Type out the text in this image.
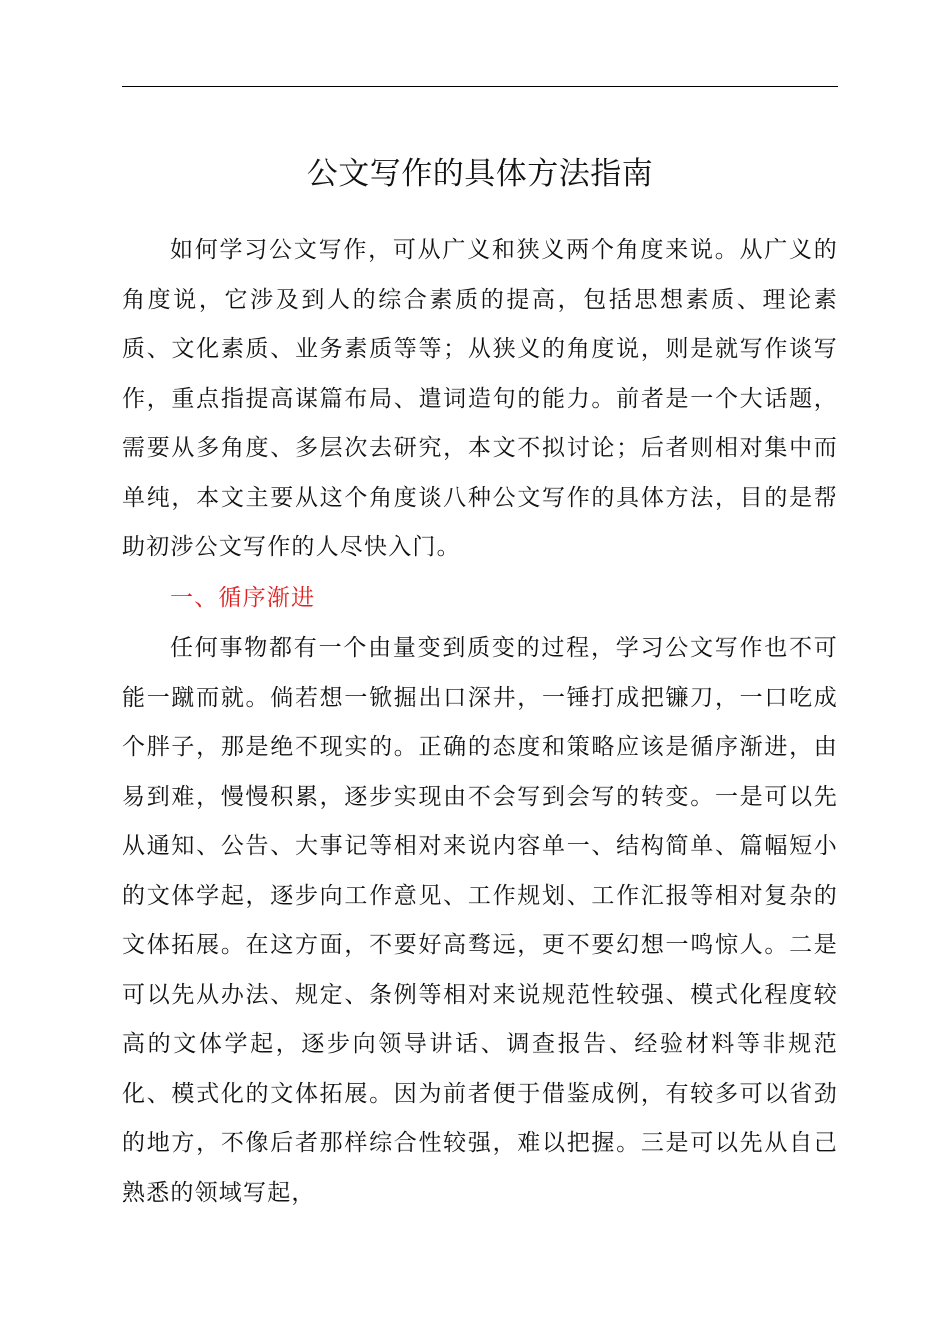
公文写作的具体方法指南

如何学习公文写作，可从广义和狭义两个角度来说。从广义的角度说，它涉及到人的综合素质的提高，包括思想素质、理论素质、文化素质、业务素质等等；从狭义的角度说，则是就写作谈写作，重点指提高谋篇布局、遣词造句的能力。前者是一个大话题，需要从多角度、多层次去研究，本文不拟讨论；后者则相对集中而单纯，本文主要从这个角度谈八种公文写作的具体方法，目的是帮助初涉公文写作的人尽快入门。

一、循序渐进

任何事物都有一个由量变到质变的过程，学习公文写作也不可能一蹴而就。倘若想一锨掘出口深井，一锤打成把镰刀，一口吃成个胖子，那是绝不现实的。正确的态度和策略应该是循序渐进，由易到难，慢慢积累，逐步实现由不会写到会写的转变。一是可以先从通知、公告、大事记等相对来说内容单一、结构简单、篇幅短小的文体学起，逐步向工作意见、工作规划、工作汇报等相对复杂的文体拓展。在这方面，不要好高骛远，更不要幻想一鸣惊人。二是可以先从办法、规定、条例等相对来说规范性较强、模式化程度较高的文体学起，逐步向领导讲话、调查报告、经验材料等非规范化、模式化的文体拓展。因为前者便于借鉴成例，有较多可以省劲的地方，不像后者那样综合性较强，难以把握。三是可以先从自己熟悉的领域写起，
